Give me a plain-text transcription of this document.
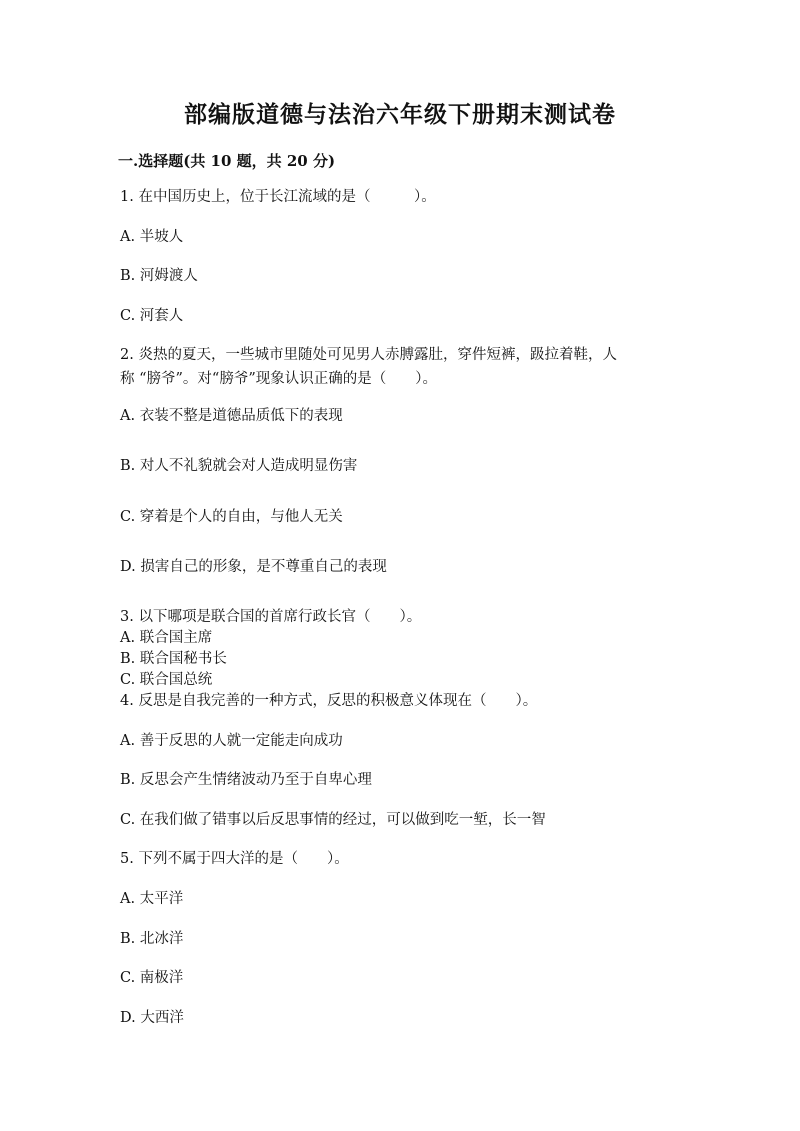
部编版道德与法治六年级下册期末测试卷
一.选择题(共 10 题，共 20 分)
1. 在中国历史上，位于长江流域的是（　　　）。
A. 半坡人
B. 河姆渡人
C. 河套人
2. 炎热的夏天，一些城市里随处可见男人赤膊露肚，穿件短裤，趿拉着鞋，人
称 “膀爷”。对“膀爷”现象认识正确的是（　　）。
A. 衣装不整是道德品质低下的表现
B. 对人不礼貌就会对人造成明显伤害
C. 穿着是个人的自由，与他人无关
D. 损害自己的形象，是不尊重自己的表现
3. 以下哪项是联合国的首席行政长官（　　）。
A. 联合国主席
B. 联合国秘书长
C. 联合国总统
4. 反思是自我完善的一种方式，反思的积极意义体现在（　　）。
A. 善于反思的人就一定能走向成功
B. 反思会产生情绪波动乃至于自卑心理
C. 在我们做了错事以后反思事情的经过，可以做到吃一堑，长一智
5. 下列不属于四大洋的是（　　）。
A. 太平洋
B. 北冰洋
C. 南极洋
D. 大西洋
